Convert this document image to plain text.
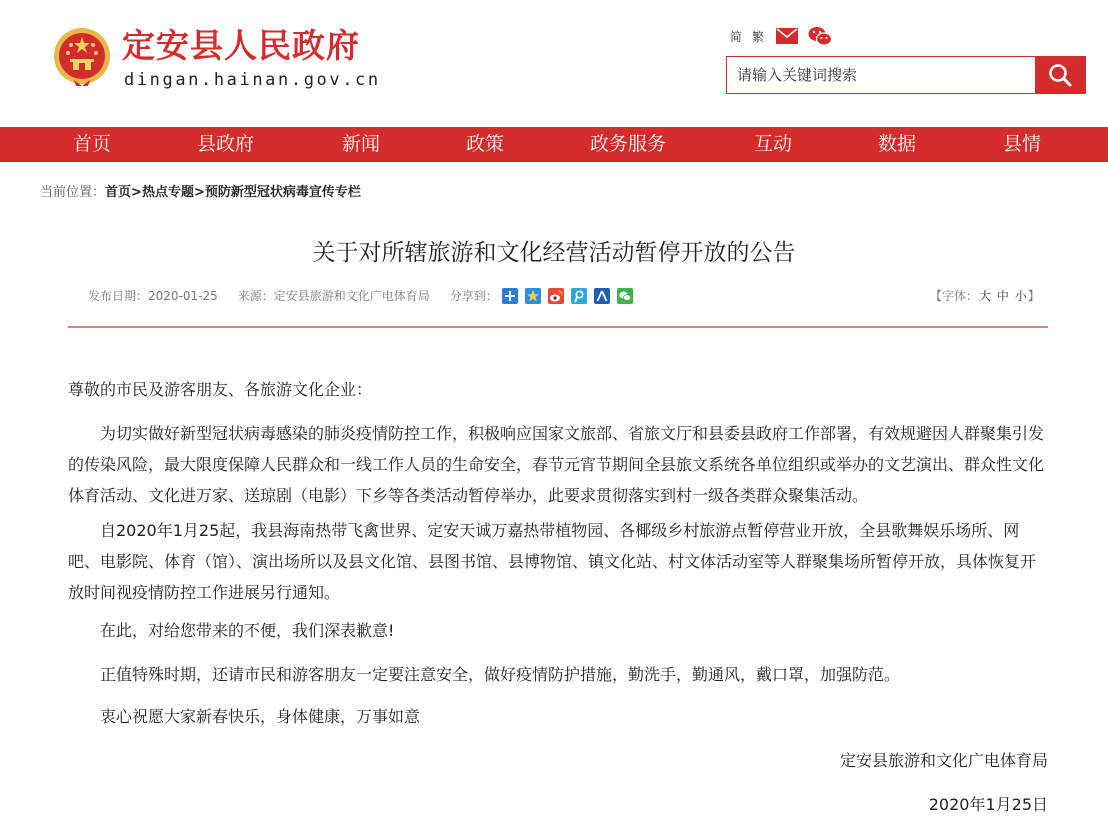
定安县人民政府
dingan.hainan.gov.cn
简 繁
请输入关键词搜索
首页	县政府	新闻	政策	政务服务	互动	数据	县情
当前位置：首页>热点专题>预防新型冠状病毒宣传专栏
关于对所辖旅游和文化经营活动暂停开放的公告
发布日期：2020-01-25 来源：定安县旅游和文化广电体育局 分享到：	【字体：大 中 小】
尊敬的市民及游客朋友、各旅游文化企业：
为切实做好新型冠状病毒感染的肺炎疫情防控工作，积极响应国家文旅部、省旅文厅和县委县政府工作部署，有效规避因人群聚集引发的传染风险，最大限度保障人民群众和一线工作人员的生命安全，春节元宵节期间全县旅文系统各单位组织或举办的文艺演出、群众性文化体育活动、文化进万家、送琼剧（电影）下乡等各类活动暂停举办，此要求贯彻落实到村一级各类群众聚集活动。
自2020年1月25起，我县海南热带飞禽世界、定安天诚万嘉热带植物园、各椰级乡村旅游点暂停营业开放，全县歌舞娱乐场所、网吧、电影院、体育（馆）、演出场所以及县文化馆、县图书馆、县博物馆、镇文化站、村文体活动室等人群聚集场所暂停开放，具体恢复开放时间视疫情防控工作进展另行通知。
在此，对给您带来的不便，我们深表歉意!
正值特殊时期，还请市民和游客朋友一定要注意安全，做好疫情防护措施，勤洗手，勤通风，戴口罩，加强防范。
衷心祝愿大家新春快乐，身体健康，万事如意
定安县旅游和文化广电体育局
2020年1月25日
